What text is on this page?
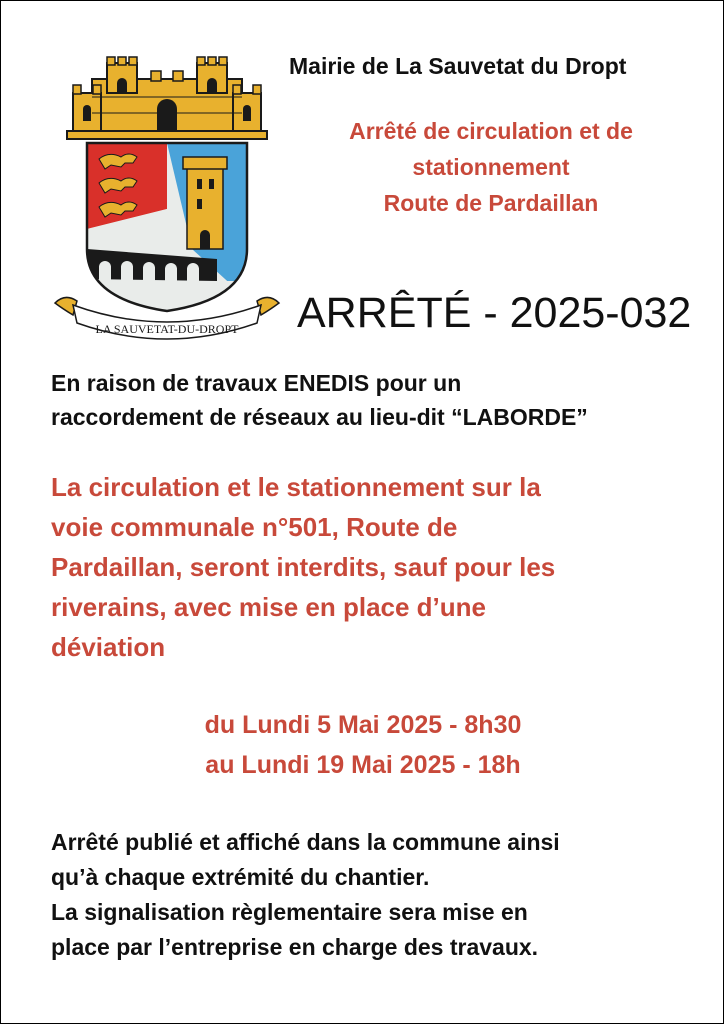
LA SAUVETAT-DU-DROPT
Mairie de La Sauvetat du Dropt
Arrêté de circulation et de
stationnement
Route de Pardaillan
ARRÊTÉ - 2025-032
En raison de travaux ENEDIS pour un
raccordement de réseaux au lieu-dit “LABORDE”
La circulation et le stationnement sur la
voie communale n°501, Route de
Pardaillan, seront interdits, sauf pour les
riverains, avec mise en place d’une
déviation
du Lundi 5 Mai 2025 - 8h30
au Lundi 19 Mai 2025 - 18h
Arrêté publié et affiché dans la commune ainsi
qu’à chaque extrémité du chantier.
La signalisation règlementaire sera mise en
place par l’entreprise en charge des travaux.
